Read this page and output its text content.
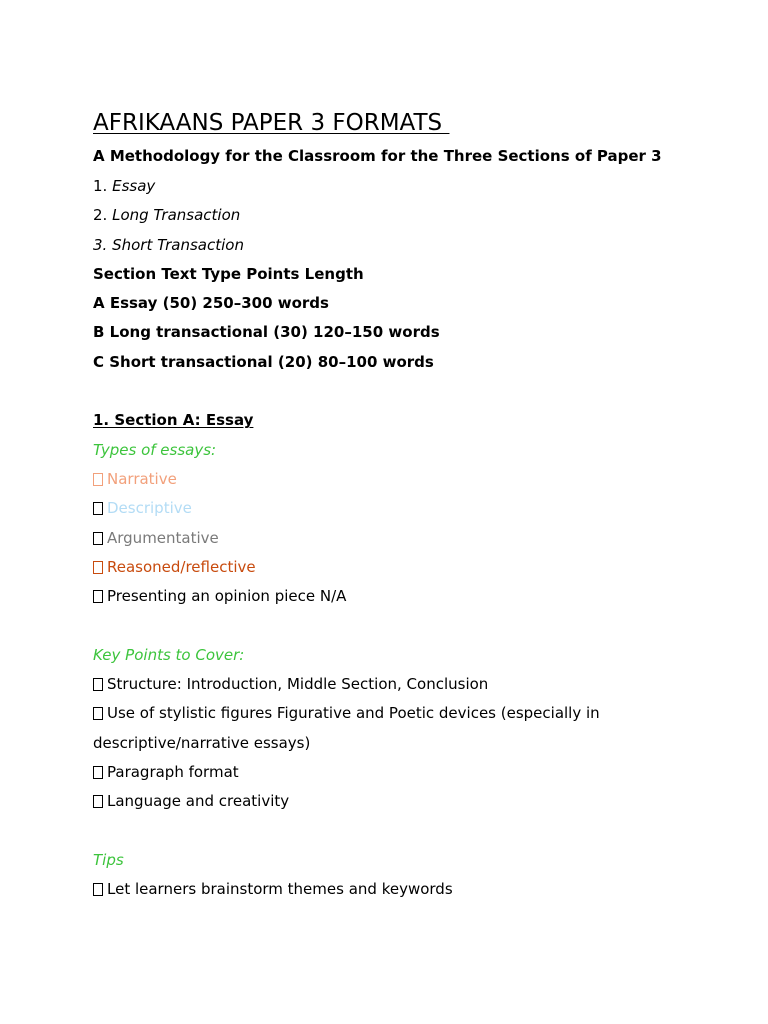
AFRIKAANS PAPER 3 FORMATS

A Methodology for the Classroom for the Three Sections of Paper 3

1. Essay

2. Long Transaction

3. Short Transaction

Section Text Type Points Length

A Essay (50) 250–300 words

B Long transactional (30) 120–150 words

C Short transactional (20) 80–100 words

1. Section A: Essay

Types of essays:

Narrative

Descriptive

Argumentative

Reasoned/reflective

Presenting an opinion piece N/A

Key Points to Cover:

Structure: Introduction, Middle Section, Conclusion

Use of stylistic figures Figurative and Poetic devices (especially in

descriptive/narrative essays)

Paragraph format

Language and creativity

Tips

Let learners brainstorm themes and keywords
